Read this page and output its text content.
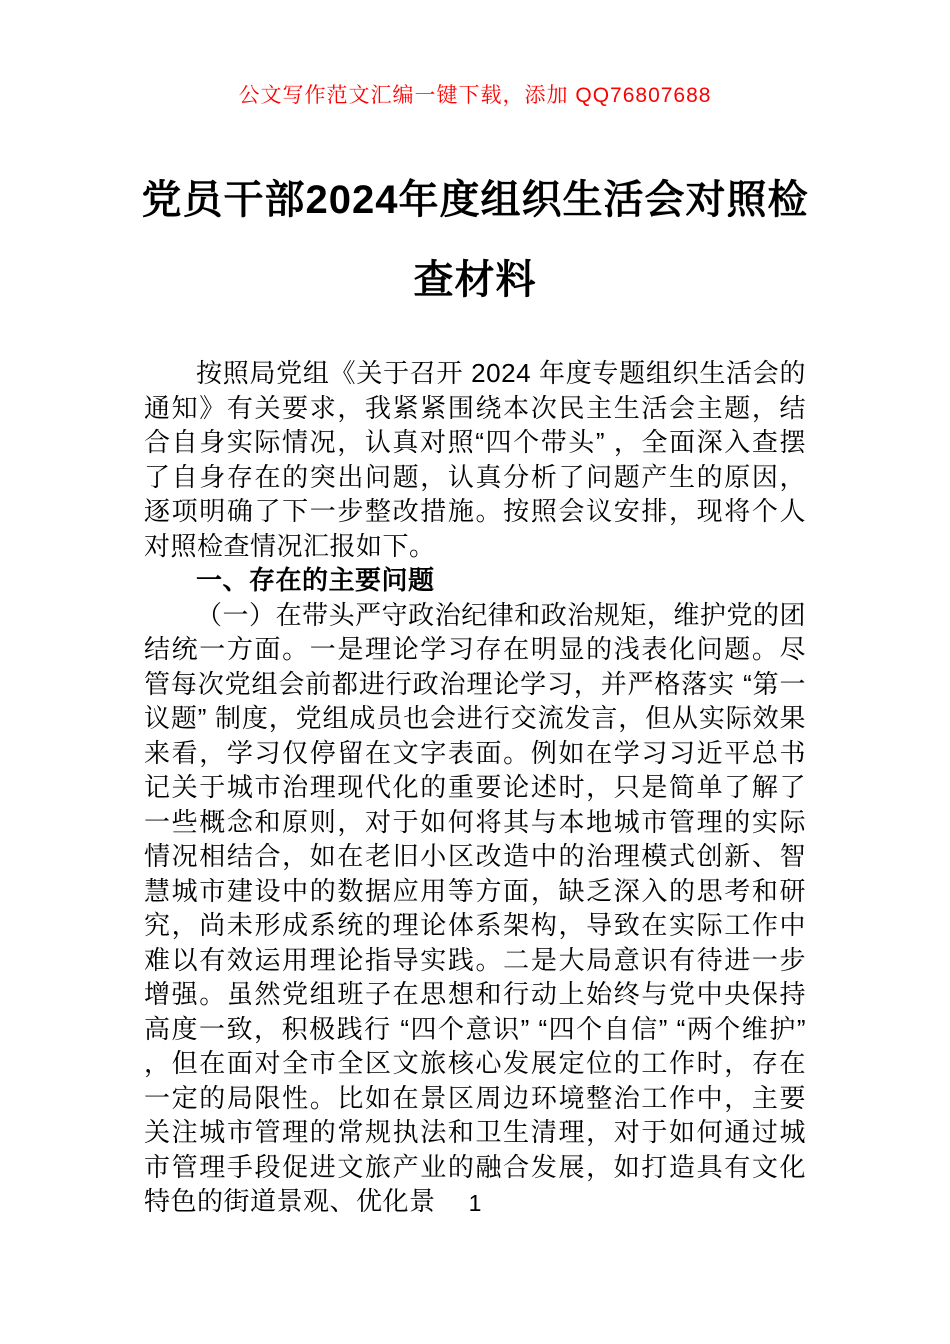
公文写作范文汇编一键下载，添加 QQ76807688
党员干部2024年度组织生活会对照检查材料

按照局党组《关于召开 2024 年度专题组织生活会的通知》有关要求，我紧紧围绕本次民主生活会主题，结合自身实际情况，认真对照“四个带头” ，全面深入查摆了自身存在的突出问题，认真分析了问题产生的原因，逐项明确了下一步整改措施。按照会议安排，现将个人对照检查情况汇报如下。

一、存在的主要问题

（一）在带头严守政治纪律和政治规矩，维护党的团结统一方面。一是理论学习存在明显的浅表化问题。尽管每次党组会前都进行政治理论学习，并严格落实 “第一议题” 制度，党组成员也会进行交流发言，但从实际效果来看，学习仅停留在文字表面。例如在学习习近平总书记关于城市治理现代化的重要论述时，只是简单了解了一些概念和原则，对于如何将其与本地城市管理的实际情况相结合，如在老旧小区改造中的治理模式创新、智慧城市建设中的数据应用等方面，缺乏深入的思考和研究，尚未形成系统的理论体系架构，导致在实际工作中难以有效运用理论指导实践。二是大局意识有待进一步增强。虽然党组班子在思想和行动上始终与党中央保持高度一致，积极践行 “四个意识” “四个自信” “两个维护” ，但在面对全市全区文旅核心发展定位的工作时，存在一定的局限性。比如在景区周边环境整治工作中，主要关注城市管理的常规执法和卫生清理，对于如何通过城市管理手段促进文旅产业的融合发展，如打造具有文化特色的街道景观、优化景	1
